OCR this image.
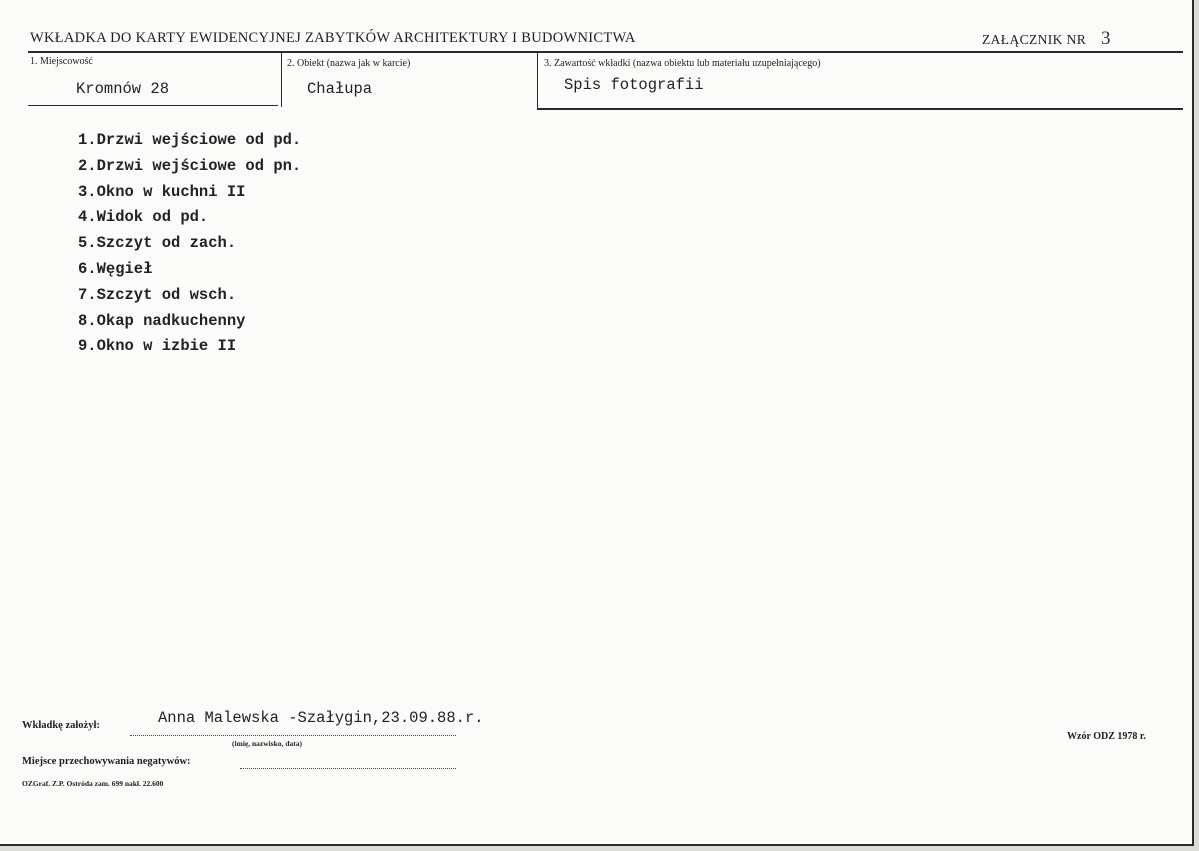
WKŁADKA DO KARTY EWIDENCYJNEJ ZABYTKÓW ARCHITEKTURY I BUDOWNICTWA	ZAŁĄCZNIK NR 3
1. Miejscowość
Kromnów 28
2. Obiekt (nazwa jak w karcie)
Chałupa
3. Zawartość wkładki (nazwa obiektu lub materiału uzupełniającego)
Spis fotografii
1.Drzwi wejściowe od pd.
2.Drzwi wejściowe od pn.
3.Okno w kuchni II
4.Widok od pd.
5.Szczyt od zach.
6.Węgieł
7.Szczyt od wsch.
8.Okap nadkuchenny
9.Okno w izbie II
Wkładkę założył:	Anna Malewska -Szałygin,23.09.88.r.
(imię, nazwisko, data)
Miejsce przechowywania negatywów:
OZGraf. Z.P. Ostróda zam. 699 nakł. 22.600
Wzór ODZ 1978 r.
